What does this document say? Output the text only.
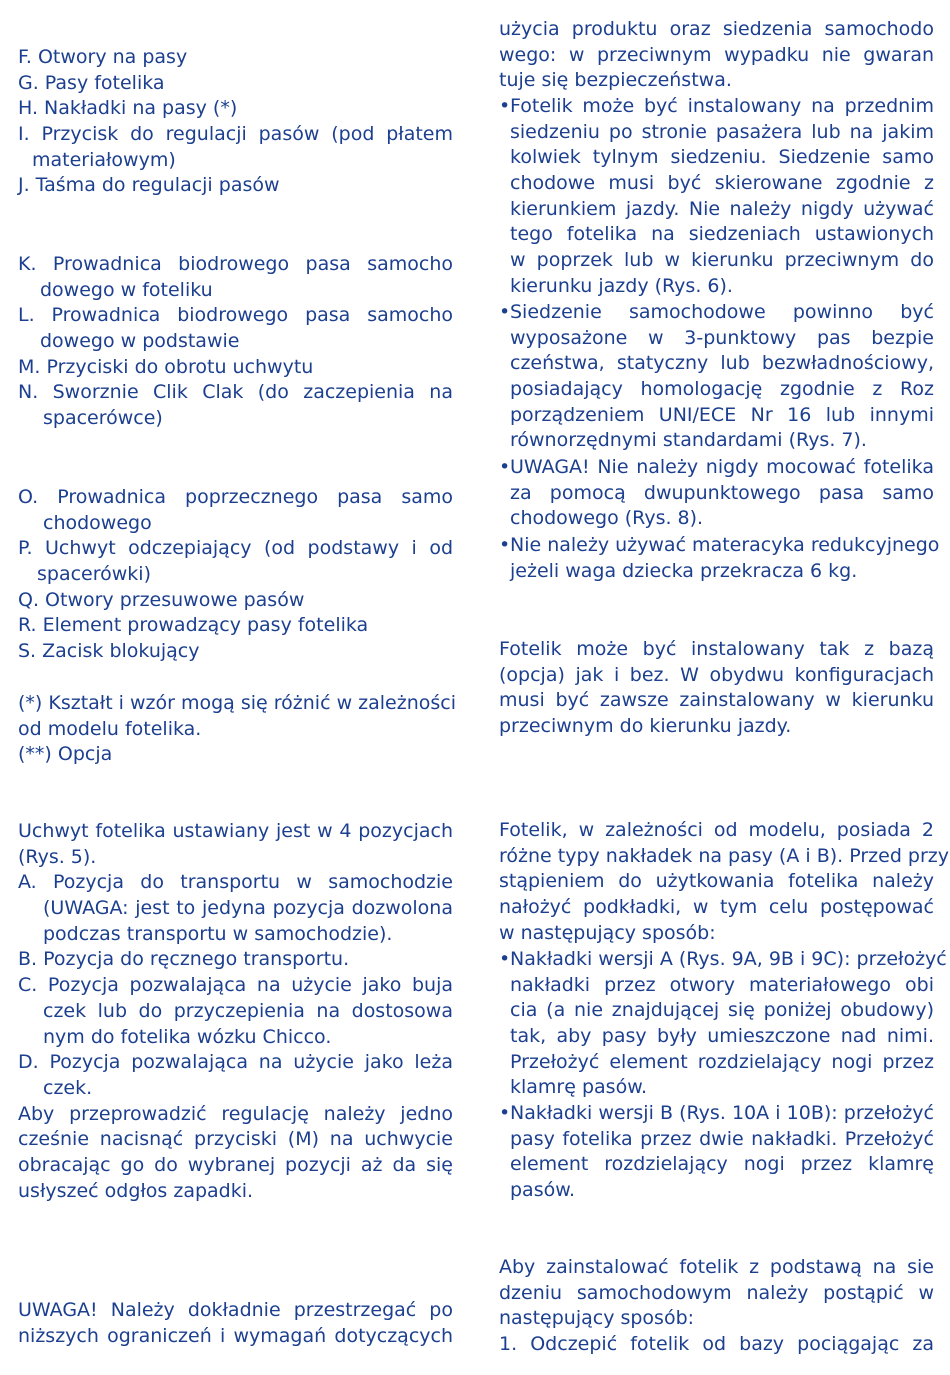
F. Otwory na pasy
G. Pasy fotelika
H. Nakładki na pasy (*)
I. Przycisk do regulacji pasów (pod płatem
materiałowym)
J. Taśma do regulacji pasów
K. Prowadnica biodrowego pasa samocho
dowego w foteliku
L. Prowadnica biodrowego pasa samocho
dowego w podstawie
M. Przyciski do obrotu uchwytu
N. Sworznie Clik Clak (do zaczepienia na
spacerówce)
O. Prowadnica poprzecznego pasa samo
chodowego
P. Uchwyt odczepiający (od podstawy i od
spacerówki)
Q. Otwory przesuwowe pasów
R. Element prowadzący pasy fotelika
S. Zacisk blokujący
(*) Kształt i wzór mogą się różnić w zależności
od modelu fotelika.
(**) Opcja
Uchwyt fotelika ustawiany jest w 4 pozycjach
(Rys. 5).
A. Pozycja do transportu w samochodzie
(UWAGA: jest to jedyna pozycja dozwolona
podczas transportu w samochodzie).
B. Pozycja do ręcznego transportu.
C. Pozycja pozwalająca na użycie jako buja
czek lub do przyczepienia na dostosowa
nym do fotelika wózku Chicco.
D. Pozycja pozwalająca na użycie jako leża
czek.
Aby przeprowadzić regulację należy jedno
cześnie nacisnąć przyciski (M) na uchwycie
obracając go do wybranej pozycji aż da się
usłyszeć odgłos zapadki.
UWAGA! Należy dokładnie przestrzegać po
niższych ograniczeń i wymagań dotyczących
użycia produktu oraz siedzenia samochodo
wego: w przeciwnym wypadku nie gwaran
tuje się bezpieczeństwa.
• Fotelik może być instalowany na przednim
siedzeniu po stronie pasażera lub na jakim
kolwiek tylnym siedzeniu. Siedzenie samo
chodowe musi być skierowane zgodnie z
kierunkiem jazdy. Nie należy nigdy używać
tego fotelika na siedzeniach ustawionych
w poprzek lub w kierunku przeciwnym do
kierunku jazdy (Rys. 6).
• Siedzenie samochodowe powinno być
wyposażone w 3-punktowy pas bezpie
czeństwa, statyczny lub bezwładnościowy,
posiadający homologację zgodnie z Roz
porządzeniem UNI/ECE Nr 16 lub innymi
równorzędnymi standardami (Rys. 7).
• UWAGA! Nie należy nigdy mocować fotelika
za pomocą dwupunktowego pasa samo
chodowego (Rys. 8).
• Nie należy używać materacyka redukcyjnego
jeżeli waga dziecka przekracza 6 kg.
Fotelik może być instalowany tak z bazą
(opcja) jak i bez. W obydwu konfiguracjach
musi być zawsze zainstalowany w kierunku
przeciwnym do kierunku jazdy.
Fotelik, w zależności od modelu, posiada 2
różne typy nakładek na pasy (A i B). Przed przy
stąpieniem do użytkowania fotelika należy
nałożyć podkładki, w tym celu postępować
w następujący sposób:
• Nakładki wersji A (Rys. 9A, 9B i 9C): przełożyć
nakładki przez otwory materiałowego obi
cia (a nie znajdującej się poniżej obudowy)
tak, aby pasy były umieszczone nad nimi.
Przełożyć element rozdzielający nogi przez
klamrę pasów.
• Nakładki wersji B (Rys. 10A i 10B): przełożyć
pasy fotelika przez dwie nakładki. Przełożyć
element rozdzielający nogi przez klamrę
pasów.
Aby zainstalować fotelik z podstawą na sie
dzeniu samochodowym należy postąpić w
następujący sposób:
1. Odczepić fotelik od bazy pociągając za
